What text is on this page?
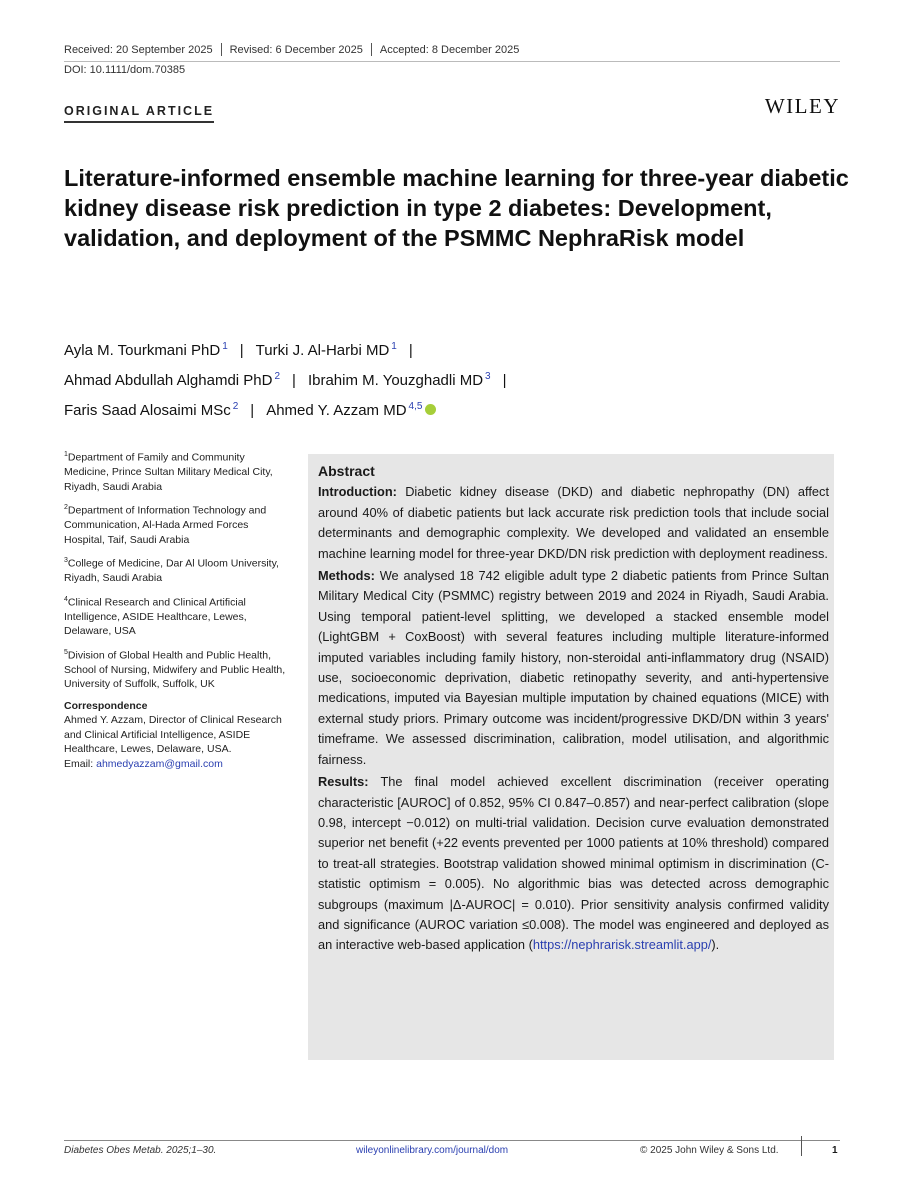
Received: 20 September 2025 Revised: 6 December 2025 Accepted: 8 December 2025
DOI: 10.1111/dom.70385
ORIGINAL ARTICLE	WILEY
Literature-informed ensemble machine learning for three-year diabetic kidney disease risk prediction in type 2 diabetes: Development, validation, and deployment of the PSMMC NephraRisk model
Ayla M. Tourkmani PhD $^1$ | Turki J. Al-Harbi MD $^1$ |
Ahmad Abdullah Alghamdi PhD $^2$ | Ibrahim M. Youzghadli MD $^3$ |
Faris Saad Alosaimi MSc $^2$ | Ahmed Y. Azzam MD $^{4,5}$

$^1$Department of Family and Community Medicine, Prince Sultan Military Medical City, Riyadh, Saudi Arabia

$^2$Department of Information Technology and Communication, Al-Hada Armed Forces Hospital, Taif, Saudi Arabia

$^3$College of Medicine, Dar Al Uloom University, Riyadh, Saudi Arabia

$^4$Clinical Research and Clinical Artificial Intelligence, ASIDE Healthcare, Lewes, Delaware, USA

$^5$Division of Global Health and Public Health, School of Nursing, Midwifery and Public Health, University of Suffolk, Suffolk, UK

Correspondence
Ahmed Y. Azzam, Director of Clinical Research and Clinical Artificial Intelligence, ASIDE Healthcare, Lewes, Delaware, USA.
Email: ahmedyazzam@gmail.com
Abstract

Introduction: Diabetic kidney disease (DKD) and diabetic nephropathy (DN) affect around 40% of diabetic patients but lack accurate risk prediction tools that include social determinants and demographic complexity. We developed and validated an ensemble machine learning model for three-year DKD/DN risk prediction with deployment readiness.

Methods: We analysed 18 742 eligible adult type 2 diabetic patients from Prince Sultan Military Medical City (PSMMC) registry between 2019 and 2024 in Riyadh, Saudi Arabia. Using temporal patient-level splitting, we developed a stacked ensemble model (LightGBM + CoxBoost) with several features including multiple literature-informed imputed variables including family history, non-steroidal anti-inflammatory drug (NSAID) use, socioeconomic deprivation, diabetic retinopathy severity, and anti-hypertensive medications, imputed via Bayesian multiple imputation by chained equations (MICE) with external study priors. Primary outcome was incident/progressive DKD/DN within 3 years' timeframe. We assessed discrimination, calibration, model utilisation, and algorithmic fairness.

Results: The final model achieved excellent discrimination (receiver operating characteristic [AUROC] of 0.852, 95% CI 0.847–0.857) and near-perfect calibration (slope 0.98, intercept −0.012) on multi-trial validation. Decision curve evaluation demonstrated superior net benefit (+22 events prevented per 1000 patients at 10% threshold) compared to treat-all strategies. Bootstrap validation showed minimal optimism in discrimination (C-statistic optimism = 0.005). No algorithmic bias was detected across demographic subgroups (maximum |Δ-AUROC| = 0.010). Prior sensitivity analysis confirmed validity and significance (AUROC variation ≤0.008). The model was engineered and deployed as an interactive web-based application (https://nephrarisk.streamlit.app/).

Diabetes Obes Metab. 2025;1–30.	wileyonlinelibrary.com/journal/dom	© 2025 John Wiley & Sons Ltd.	1
